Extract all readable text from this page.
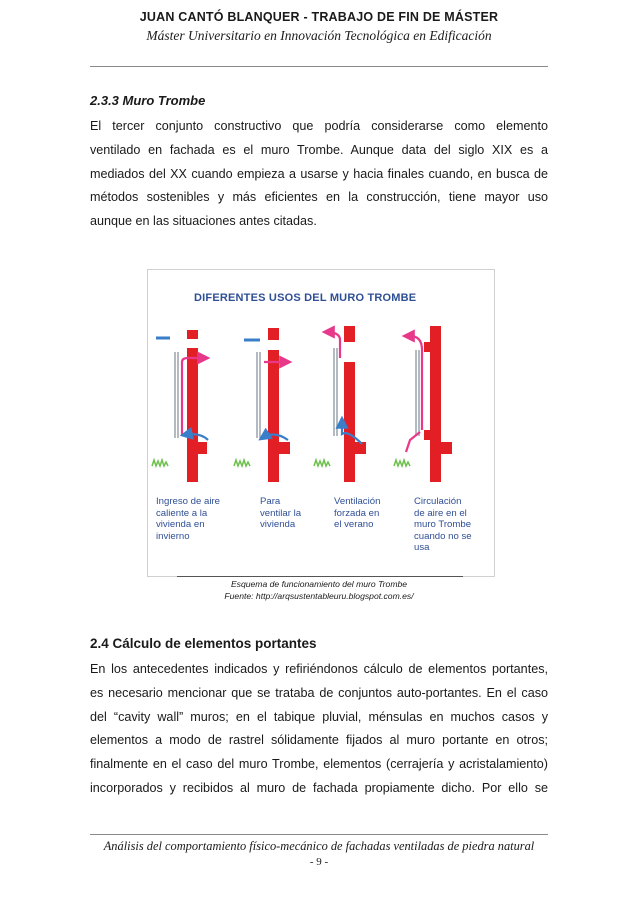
JUAN CANTÓ BLANQUER - TRABAJO DE FIN DE MÁSTER
Máster Universitario en Innovación Tecnológica en Edificación
2.3.3 Muro Trombe
El tercer conjunto constructivo que podría considerarse como elemento
ventilado en fachada es el muro Trombe. Aunque data del siglo XIX es a
mediados del XX cuando empieza a usarse y hacia finales cuando, en busca de
métodos sostenibles y más eficientes en la construcción, tiene mayor uso
aunque en las situaciones antes citadas.
DIFERENTES USOS DEL MURO TROMBE
Ingreso de aire
caliente a la
vivienda en
invierno
Para
ventilar la
vivienda
Ventilación
forzada en
el verano
Circulación
de aire en el
muro Trombe
cuando no se
usa
Esquema de funcionamiento del muro Trombe
Fuente: http://arqsustentableuru.blogspot.com.es/
2.4 Cálculo de elementos portantes
En los antecedentes indicados y refiriéndonos cálculo de elementos portantes,
es necesario mencionar que se trataba de conjuntos auto-portantes. En el caso
del “cavity wall” muros; en el tabique pluvial, ménsulas en muchos casos y
elementos a modo de rastrel sólidamente fijados al muro portante en otros;
finalmente en el caso del muro Trombe, elementos (cerrajería y acristalamiento)
incorporados y recibidos al muro de fachada propiamente dicho. Por ello se
Análisis del comportamiento físico-mecánico de fachadas ventiladas de piedra natural
- 9 -
